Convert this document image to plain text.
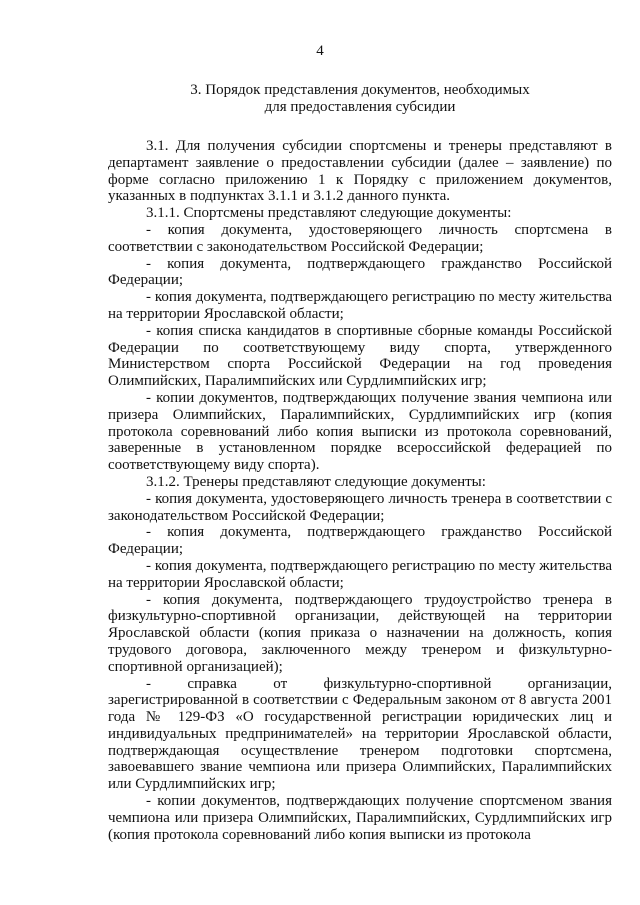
4
3. Порядок представления документов, необходимых
для предоставления субсидии
3.1. Для получения субсидии спортсмены и тренеры представляют в департамент заявление о предоставлении субсидии (далее – заявление) по форме согласно приложению 1 к Порядку с приложением документов, указанных в подпунктах 3.1.1 и 3.1.2 данного пункта.
3.1.1. Спортсмены представляют следующие документы:
- копия документа, удостоверяющего личность спортсмена в соответствии с законодательством Российской Федерации;
- копия документа, подтверждающего гражданство Российской Федерации;
- копия документа, подтверждающего регистрацию по месту жительства на территории Ярославской области;
- копия списка кандидатов в спортивные сборные команды Российской Федерации по соответствующему виду спорта, утвержденного Министерством спорта Российской Федерации на год проведения Олимпийских, Паралимпийских или Сурдлимпийских игр;
- копии документов, подтверждающих получение звания чемпиона или призера Олимпийских, Паралимпийских, Сурдлимпийских игр (копия протокола соревнований либо копия выписки из протокола соревнований, заверенные в установленном порядке всероссийской федерацией по соответствующему виду спорта).
3.1.2. Тренеры представляют следующие документы:
- копия документа, удостоверяющего личность тренера в соответствии с законодательством Российской Федерации;
- копия документа, подтверждающего гражданство Российской Федерации;
- копия документа, подтверждающего регистрацию по месту жительства на территории Ярославской области;
- копия документа, подтверждающего трудоустройство тренера в физкультурно-спортивной организации, действующей на территории Ярославской области (копия приказа о назначении на должность, копия трудового договора, заключенного между тренером и физкультурно-спортивной организацией);
- справка от физкультурно-спортивной организации, зарегистрированной в соответствии с Федеральным законом от 8 августа 2001 года № 129-ФЗ «О государственной регистрации юридических лиц и индивидуальных предпринимателей» на территории Ярославской области, подтверждающая осуществление тренером подготовки спортсмена, завоевавшего звание чемпиона или призера Олимпийских, Паралимпийских или Сурдлимпийских игр;
- копии документов, подтверждающих получение спортсменом звания чемпиона или призера Олимпийских, Паралимпийских, Сурдлимпийских игр (копия протокола соревнований либо копия выписки из протокола
